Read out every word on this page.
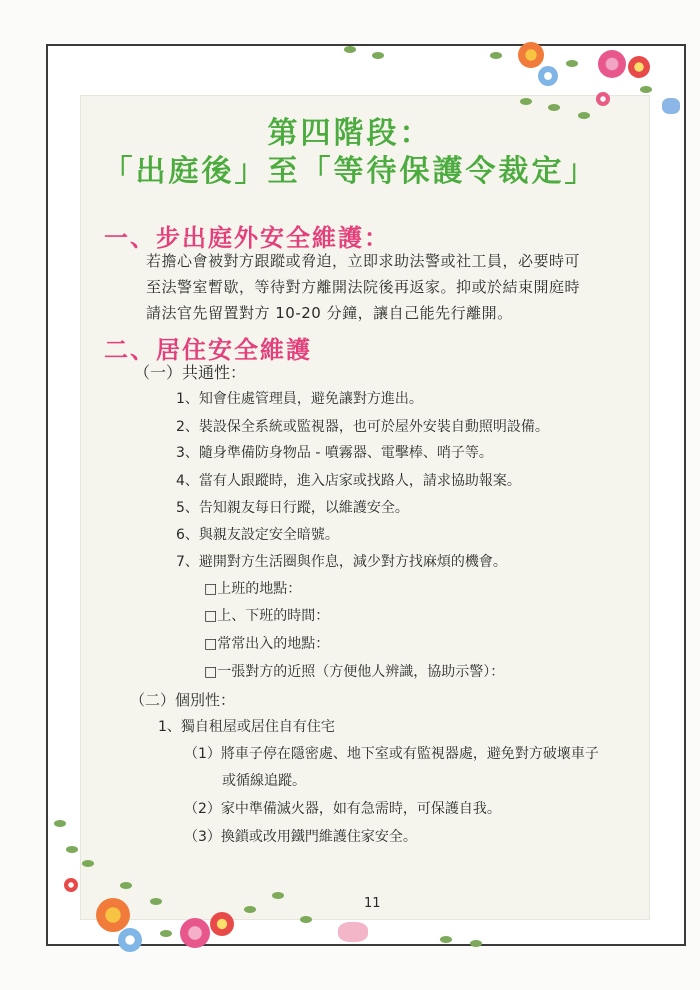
第四階段：
「出庭後」至「等待保護令裁定」
一、步出庭外安全維護：
若擔心會被對方跟蹤或脅迫，立即求助法警或社工員，必要時可
至法警室暫歇，等待對方離開法院後再返家。抑或於結束開庭時
請法官先留置對方 10-20 分鐘，讓自己能先行離開。
二、居住安全維護
（一）共通性：
1、知會住處管理員，避免讓對方進出。
2、裝設保全系統或監視器，也可於屋外安裝自動照明設備。
3、隨身準備防身物品 - 噴霧器、電擊棒、哨子等。
4、當有人跟蹤時，進入店家或找路人，請求協助報案。
5、告知親友每日行蹤，以維護安全。
6、與親友設定安全暗號。
7、避開對方生活圈與作息，減少對方找麻煩的機會。
□上班的地點：
□上、下班的時間：
□常常出入的地點：
□一張對方的近照（方便他人辨識，協助示警）：
（二）個別性：
1、獨自租屋或居住自有住宅
（1）將車子停在隱密處、地下室或有監視器處，避免對方破壞車子
或循線追蹤。
（2）家中準備滅火器，如有急需時，可保護自我。
（3）換鎖或改用鐵門維護住家安全。
11
